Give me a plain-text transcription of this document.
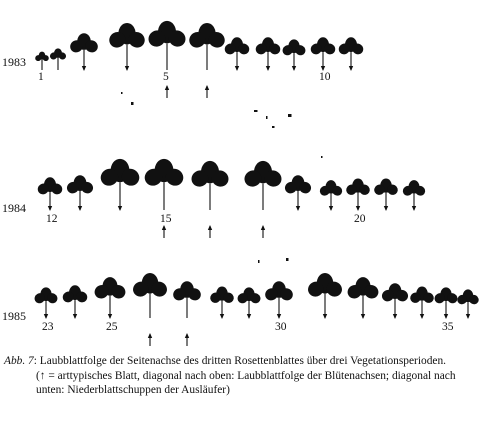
1983
1984
1985
1	5	10
12	15	20
23	25	30	35
Abb. 7: Laubblattfolge der Seitenachse des dritten Rosettenblattes über drei Vegetationsperioden.
(↑ = arttypisches Blatt, diagonal nach oben: Laubblattfolge der Blütenachsen; diagonal nach unten: Niederblattschuppen der Ausläufer)
